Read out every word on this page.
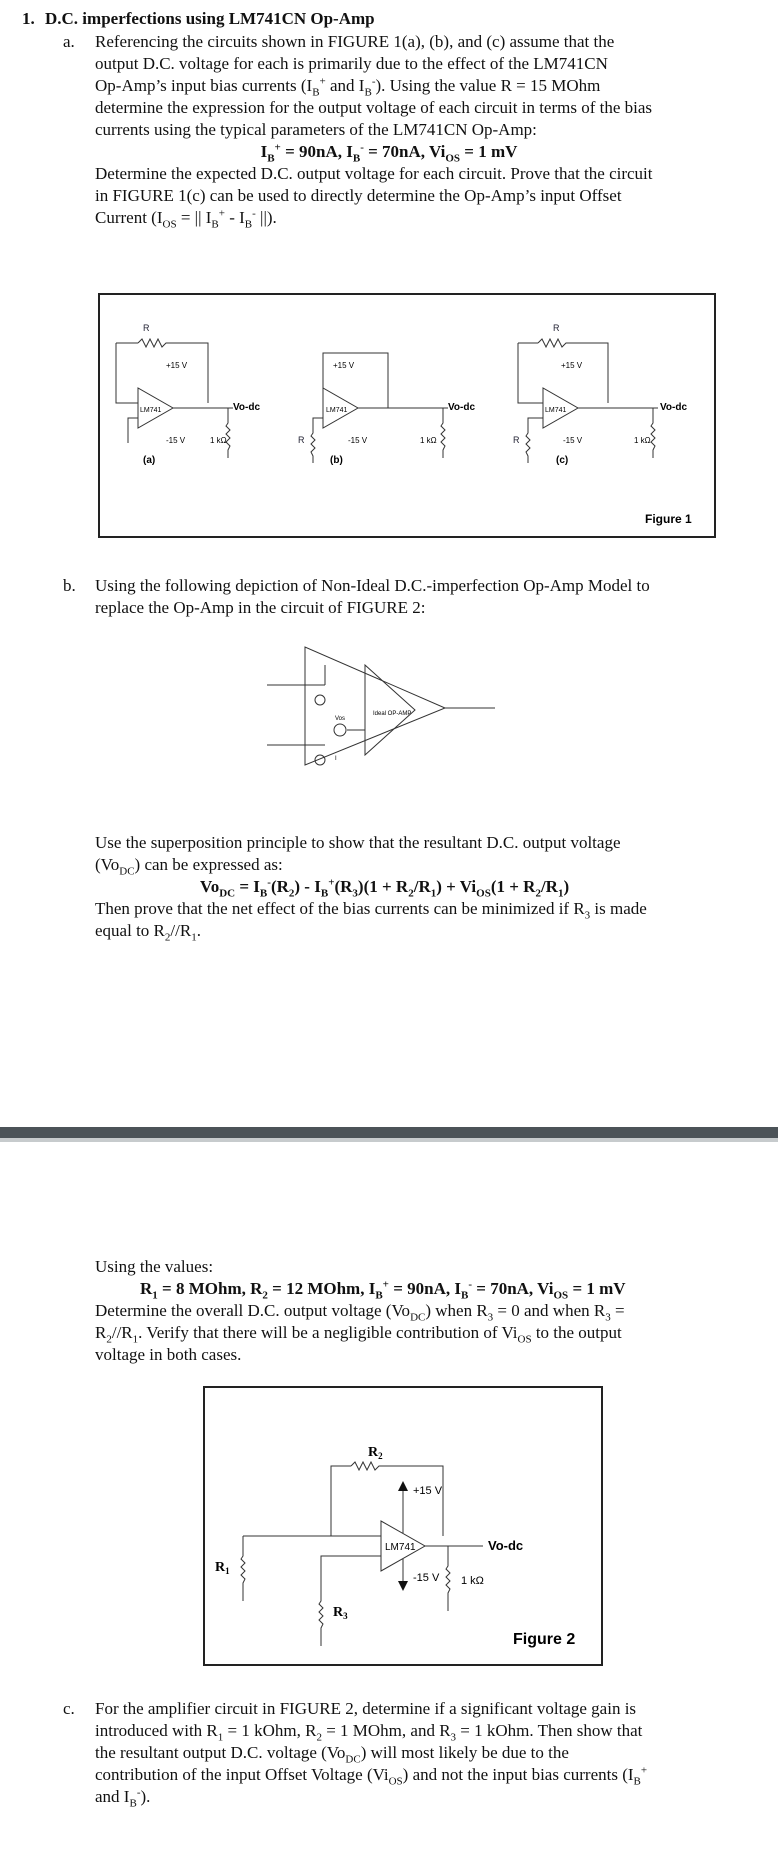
1. D.C. imperfections using LM741CN Op-Amp
a. Referencing the circuits shown in FIGURE 1(a), (b), and (c) assume that the
output D.C. voltage for each is primarily due to the effect of the LM741CN
Op-Amp’s input bias currents ($I_B^+$ and $I_B^-$). Using the value R = 15 MOhm
determine the expression for the output voltage of each circuit in terms of the bias
currents using the typical parameters of the LM741CN Op-Amp:
$I_B^+ = 90nA$, $I_B^- = 70nA$, $Vi_{OS} = 1$ mV
Determine the expected D.C. output voltage for each circuit. Prove that the circuit
in FIGURE 1(c) can be used to directly determine the Op-Amp’s input Offset
Current ($I_{OS}$ = || $I_B^+ - I_B^-$ ||).
R
+15 V
LM741	Vo-dc
-15 V	1 kΩ
(a)
+15 V
LM741	Vo-dc
R	-15 V	1 kΩ
(b)
R
+15 V
LM741	Vo-dc
R	-15 V	1 kΩ
(c)
Figure 1
b. Using the following depiction of Non-Ideal D.C.-imperfection Op-Amp Model to
replace the Op-Amp in the circuit of FIGURE 2:
Ideal OP-AMP
Vos
I
Use the superposition principle to show that the resultant D.C. output voltage
$(Vo_{DC})$ can be expressed as:
$Vo_{DC} = I_B^-(R_2) - I_B^+(R_3)(1 + R_2/R_1) + Vi_{OS}(1 + R_2/R_1)$
Then prove that the net effect of the bias currents can be minimized if $R_3$ is made
equal to $R_2//R_1$.
Using the values:
$R_1 = 8$ MOhm, $R_2 = 12$ MOhm, $I_B^+ = 90nA$, $I_B^- = 70nA$, $Vi_{OS} = 1$ mV
Determine the overall D.C. output voltage $(Vo_{DC})$ when $R_3 = 0$ and when $R_3$ =
$R_2//R_1$. Verify that there will be a negligible contribution of $Vi_{OS}$ to the output
voltage in both cases.
$R_2$
+15 V
LM741	Vo-dc
$R_1$
-15 V 1 kΩ
$R_3$
Figure 2
c. For the amplifier circuit in FIGURE 2, determine if a significant voltage gain is
introduced with $R_1 = 1$ kOhm, $R_2 = 1$ MOhm, and $R_3 = 1$ kOhm. Then show that
the resultant output D.C. voltage $(Vo_{DC})$ will most likely be due to the
contribution of the input Offset Voltage $(Vi_{OS})$ and not the input bias currents ($I_B^+$
and $I_B^-$).
